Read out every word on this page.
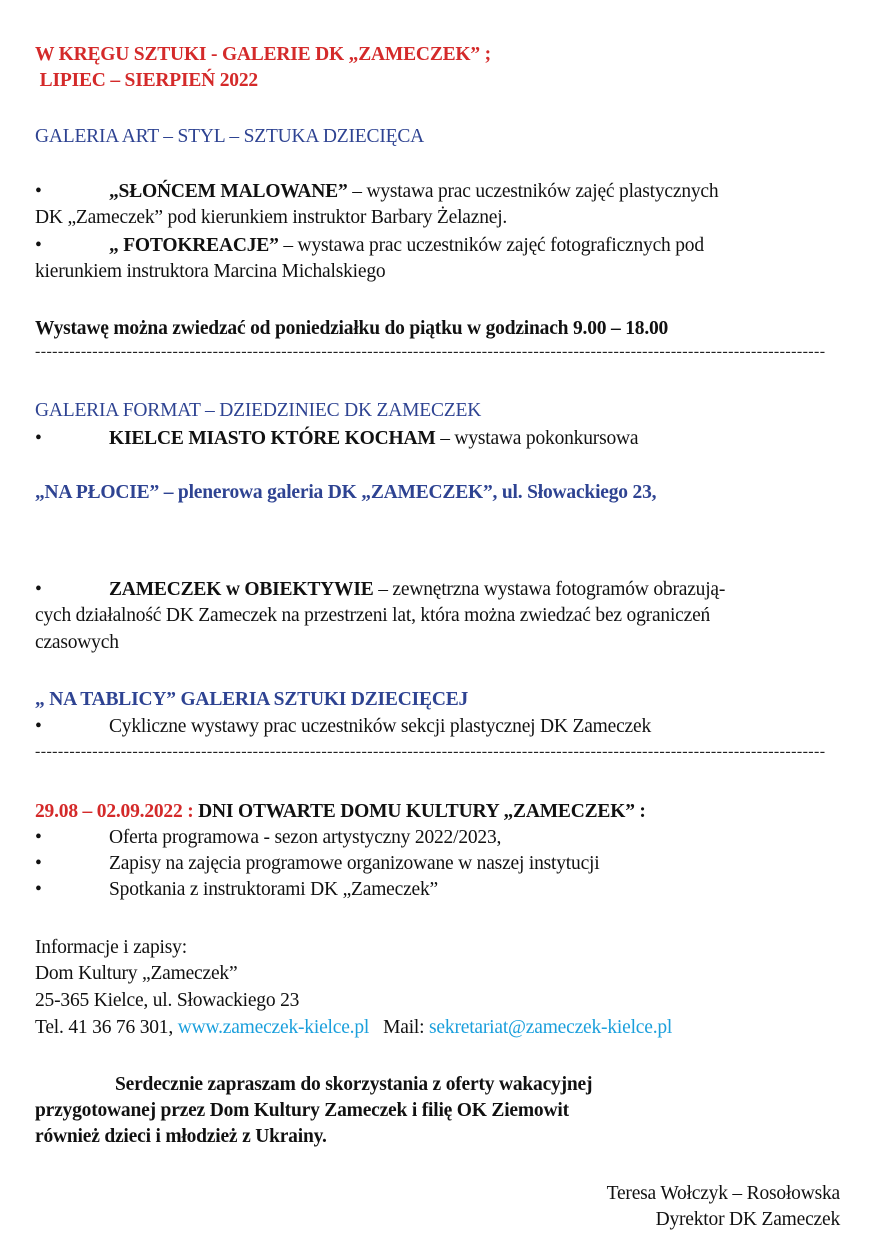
W KRĘGU SZTUKI - GALERIE DK „ZAMECZEK” ;
LIPIEC – SIERPIEŃ 2022
GALERIA ART – STYL – SZTUKA DZIECIĘCA
•	„SŁOŃCEM MALOWANE” – wystawa prac uczestników zajęć plastycznych
DK „Zameczek” pod kierunkiem instruktor Barbary Żelaznej.
•	„ FOTOKREACJE” – wystawa prac uczestników zajęć fotograficznych pod
kierunkiem instruktora Marcina Michalskiego
Wystawę można zwiedzać od poniedziałku do piątku w godzinach 9.00 – 18.00
------------------------------------------------------------------------------------------------------------------------------------------
GALERIA FORMAT – DZIEDZINIEC DK ZAMECZEK
•	KIELCE MIASTO KTÓRE KOCHAM – wystawa pokonkursowa
„NA PŁOCIE” – plenerowa galeria DK „ZAMECZEK”, ul. Słowackiego 23,
•	ZAMECZEK w OBIEKTYWIE – zewnętrzna wystawa fotogramów obrazują-
cych działalność DK Zameczek na przestrzeni lat, która można zwiedzać bez ograniczeń
czasowych
„ NA TABLICY” GALERIA SZTUKI DZIECIĘCEJ
•	Cykliczne wystawy prac uczestników sekcji plastycznej DK Zameczek
------------------------------------------------------------------------------------------------------------------------------------------
29.08 – 02.09.2022 : DNI OTWARTE DOMU KULTURY „ZAMECZEK” :
•	Oferta programowa - sezon artystyczny 2022/2023,
•	Zapisy na zajęcia programowe organizowane w naszej instytucji
•	Spotkania z instruktorami DK „Zameczek”
Informacje i zapisy:
Dom Kultury „Zameczek”
25-365 Kielce, ul. Słowackiego 23
Tel. 41 36 76 301, www.zameczek-kielce.pl   Mail: sekretariat@zameczek-kielce.pl
Serdecznie zapraszam do skorzystania z oferty wakacyjnej
przygotowanej przez Dom Kultury Zameczek i filię OK Ziemowit
również dzieci i młodzież z Ukrainy.
Teresa Wołczyk – Rosołowska
Dyrektor DK Zameczek
